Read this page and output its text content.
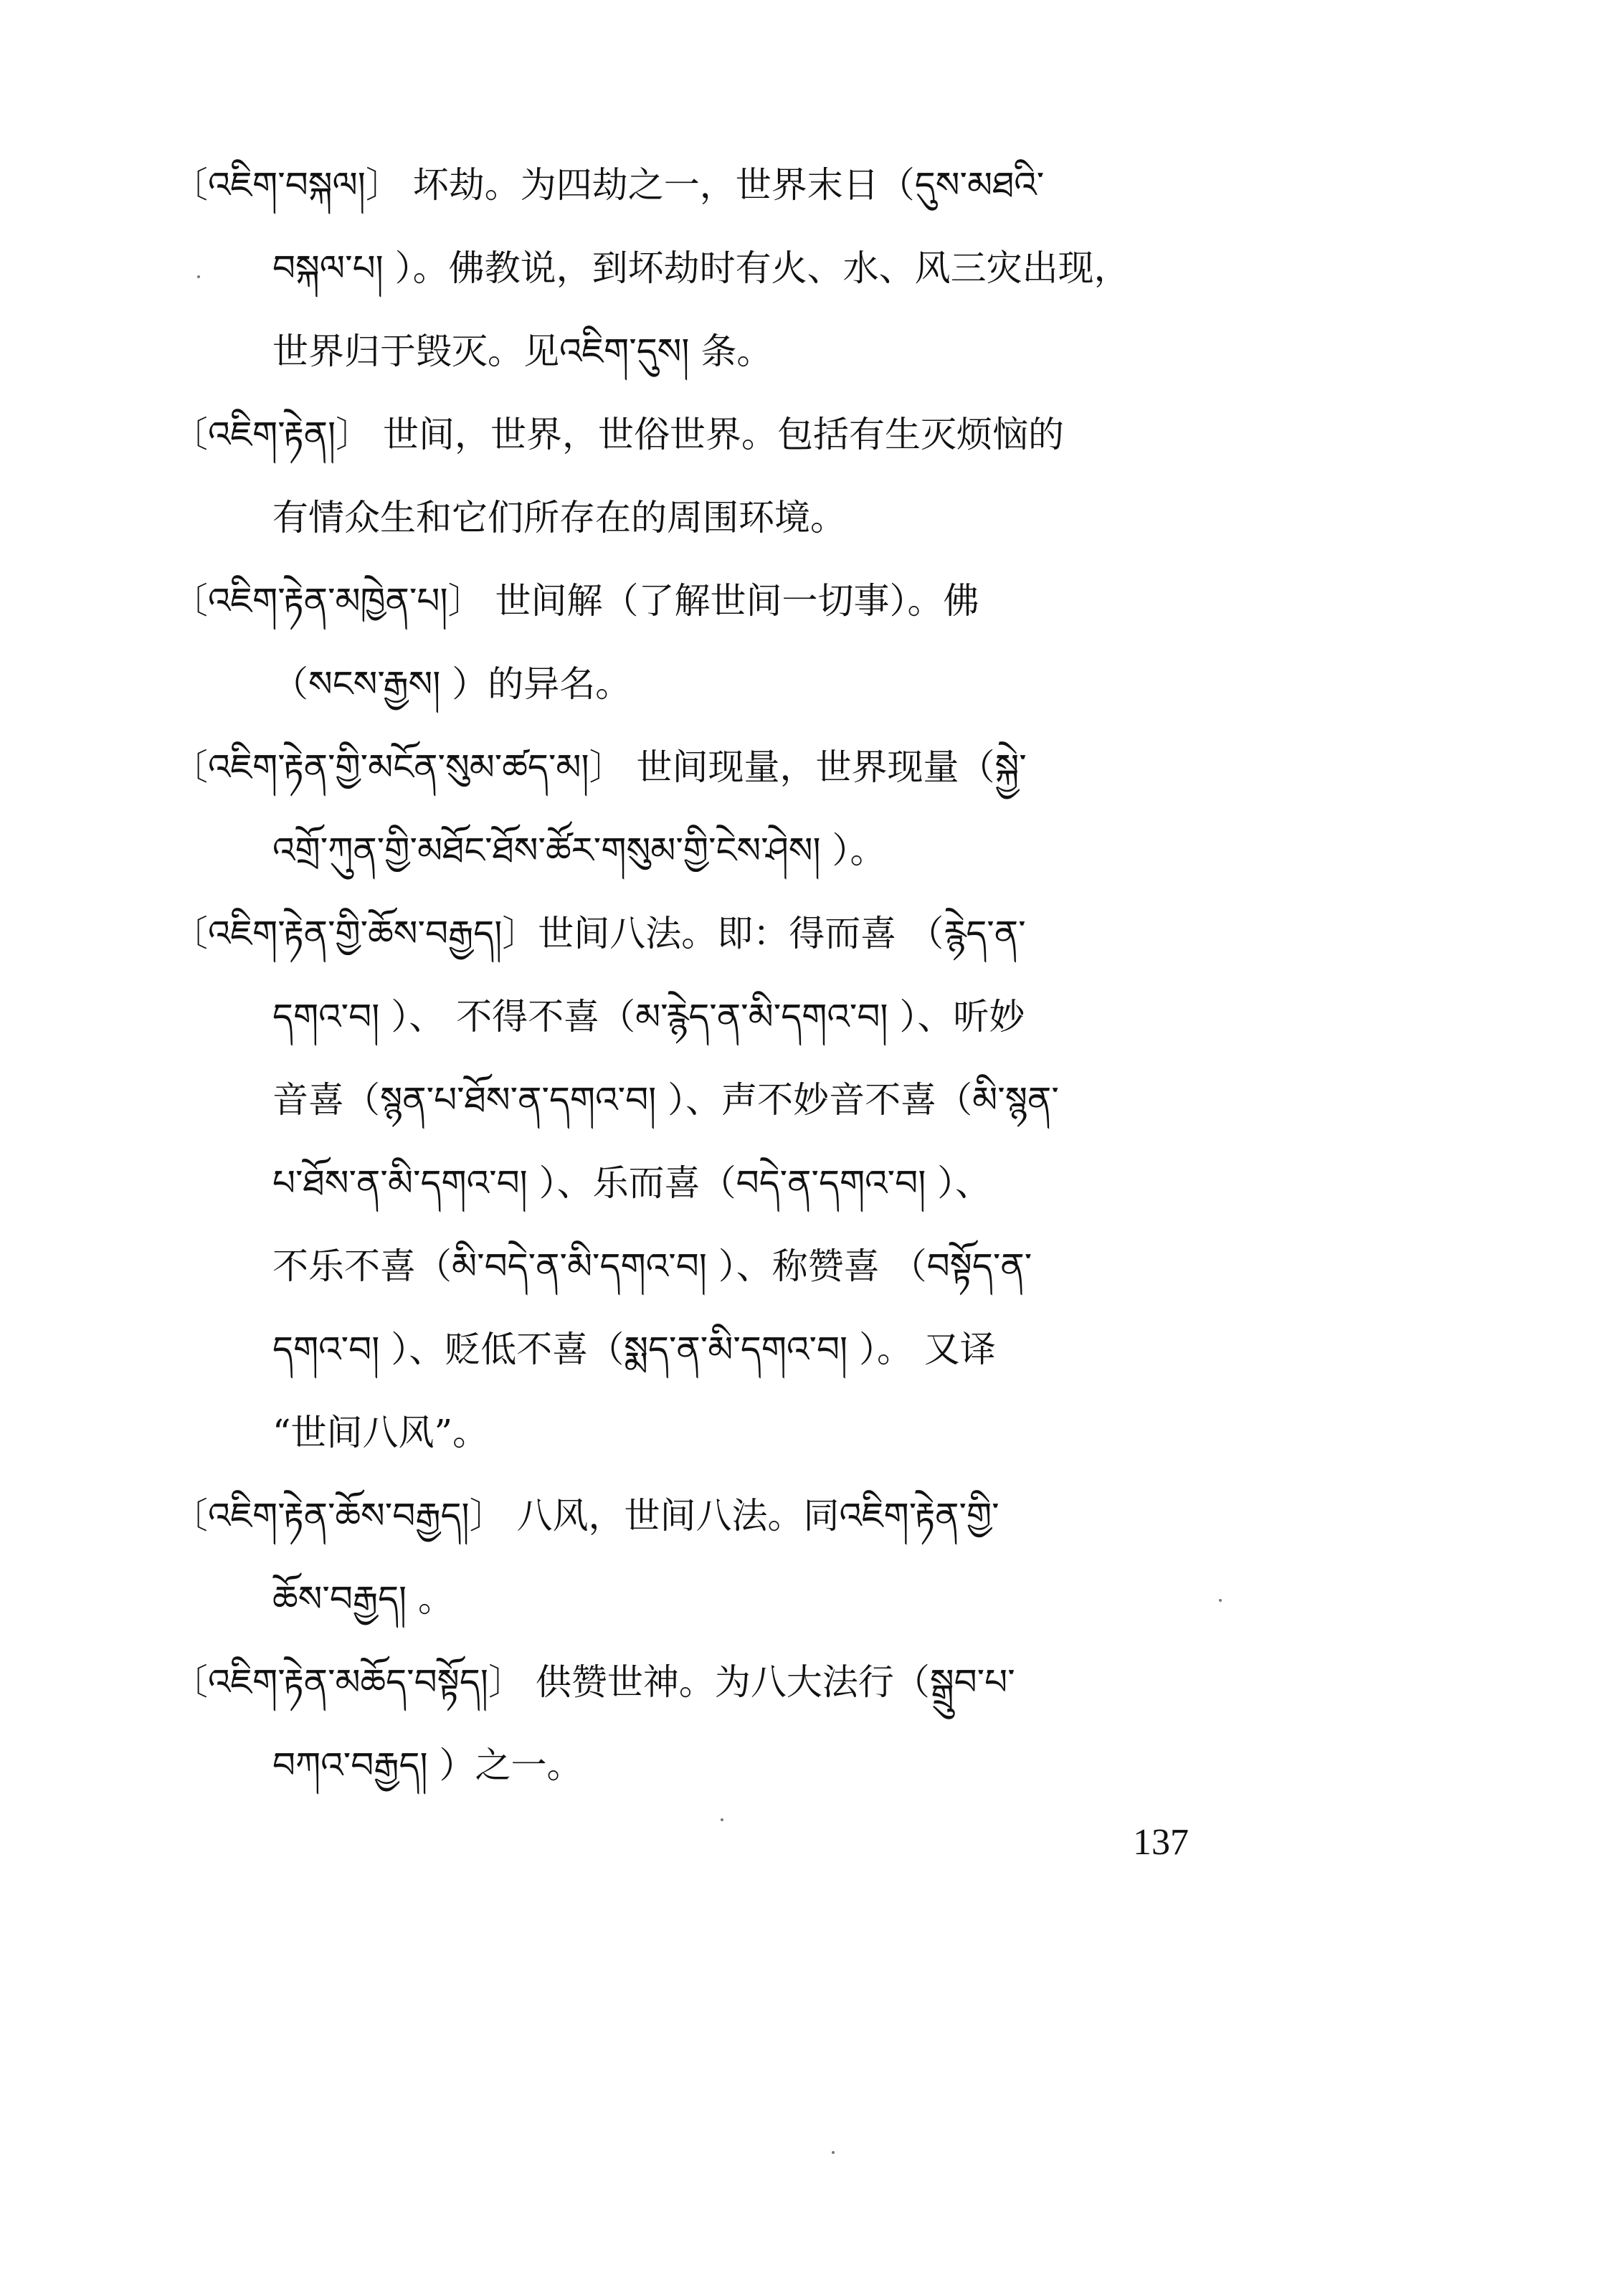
〔འཇིག་བསྐལ།〕 坏劫。为四劫之一，世界末日（དུས་མཐའི་
བསྐལ་པ། ）。佛教说，到坏劫时有火、水、风三灾出现，
世界归于毁灭。见འཇིག་དུས། 条。
〔འཇིག་རྟེན།〕 世间，世界，世俗世界。包括有生灭烦恼的
有情众生和它们所存在的周围环境。
〔འཇིག་རྟེན་མཁྱེན་པ།〕 世间解（了解世间一切事）。佛
（སངས་རྒྱས། ）的异名。
〔འཇིག་རྟེན་གྱི་མངོན་སུམ་ཚད་མ།〕 世间现量，世界现量（སྐྱེ་
འགྲོ་ཀུན་གྱི་མཐོང་ཐོས་ཚོར་གསུམ་གྱི་ངེས་ཤེས། ）。
〔འཇིག་རྟེན་གྱི་ཆོས་བརྒྱད།〕世间八法。即：得而喜 （རྙེད་ན་
དགའ་བ། ）、 不得不喜（མ་རྙེད་ན་མི་དགའ་བ། ）、听妙
音喜（སྙན་པ་ཐོས་ན་དགའ་བ། ）、声不妙音不喜（མི་སྙན་
པ་ཐོས་ན་མི་དགའ་བ། ）、乐而喜（བདེ་ན་དགའ་བ། ）、
不乐不喜（མི་བདེ་ན་མི་དགའ་བ། ）、称赞喜 （བསྟོད་ན་
དགའ་བ། ）、贬低不喜（སྨད་ན་མི་དགའ་བ། ）。 又译
“世间八风”。
〔འཇིག་རྟེན་ཆོས་བརྒྱད།〕 八风，世间八法。同འཇིག་རྟེན་གྱི་
ཆོས་བརྒྱད། 。
〔འཇིག་རྟེན་མཆོད་བསྟོད།〕 供赞世神。为八大法行（སྒྲུབ་པ་
བཀའ་བརྒྱད། ）之一。
137
